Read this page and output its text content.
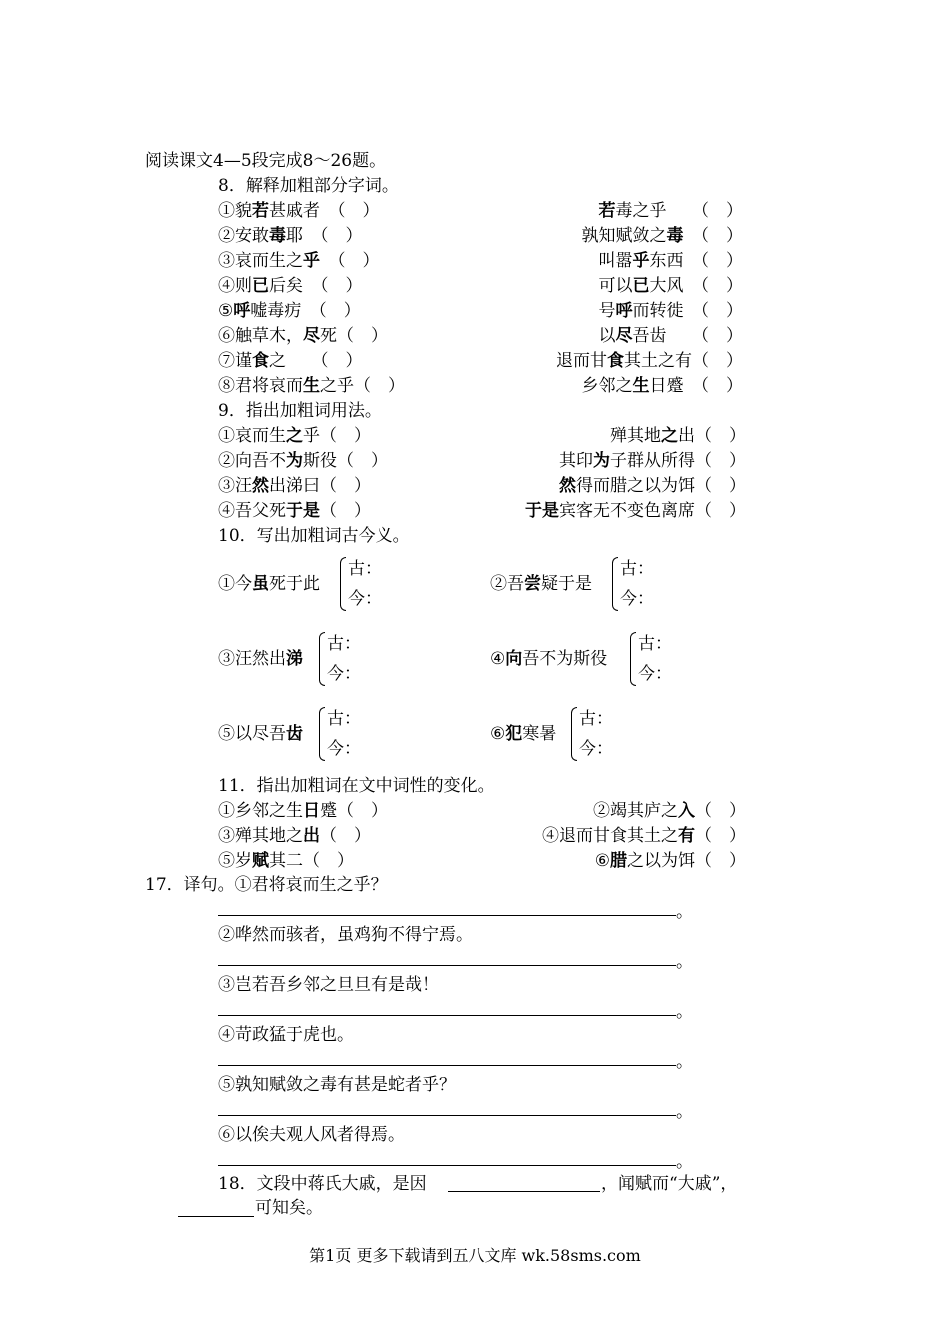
阅读课文4—5段完成8～26题。
8．解释加粗部分字词。
9．指出加粗词用法。
10．写出加粗词古今义。
11．指出加粗词在文中词性的变化。
17．译句。①君将哀而生之乎？
18．文段中蒋氏大戚，是因	，闻赋而“大戚”，
可知矣。
第1页 更多下载请到五八文库 wk.58sms.com
①貌若甚戚者　（　）
②安敢毒耶　（　）
③哀而生之乎　（　）
④则已后矣　（　）
⑤呼嘘毒疠　（　）
⑥触草木，尽死（　）
⑦谨食之　　（　）
⑧君将哀而生之乎（　）
若毒之乎　　（　）
孰知赋敛之毒　（　）
叫嚣乎东西　（　）
可以已大风　（　）
号呼而转徙　（　）
以尽吾齿　　（　）
退而甘食其土之有（　）
乡邻之生日蹙　（　）
①哀而生之乎（　）
②向吾不为斯役（　）
③汪然出涕曰（　）
④吾父死于是（　）
殚其地之出（　）
其印为子群从所得（　）
然得而腊之以为饵（　）
于是宾客无不变色离席（　）
①乡邻之生日蹙（　）
③殚其地之出（　）
⑤岁赋其二（　）
②竭其庐之入（　）
④退而甘食其土之有（　）
⑥腊之以为饵（　）
①今虽死于此
古：
今：
②吾尝疑于是
古：
今：
③汪然出涕
古：
今：
④向吾不为斯役
古：
今：
⑤以尽吾齿
古：
今：
⑥犯寒暑
古：
今：
。
。
。
。
。
。
②哗然而骇者，虽鸡狗不得宁焉。
③岂若吾乡邻之旦旦有是哉！
④苛政猛于虎也。
⑤孰知赋敛之毒有甚是蛇者乎？
⑥以俟夫观人风者得焉。
